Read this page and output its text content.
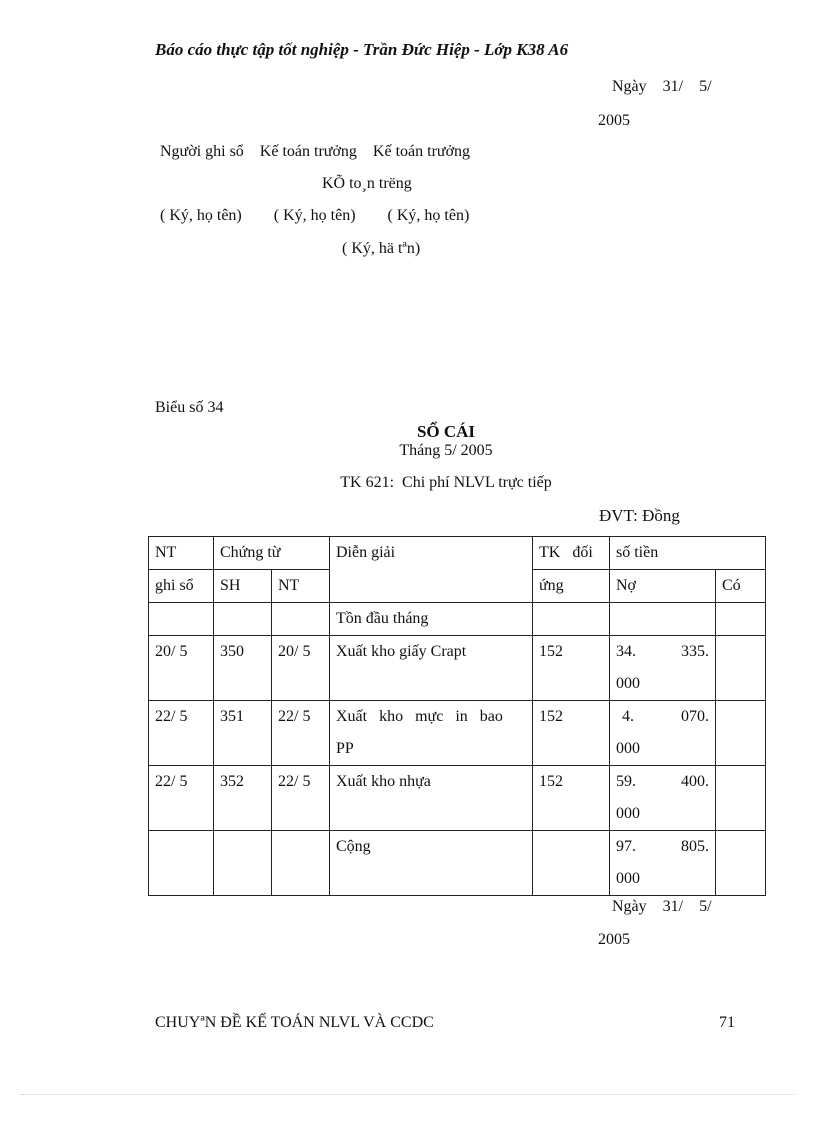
Báo cáo thực tập tốt nghiệp - Trần Đức Hiệp - Lớp K38 A6
Ngày    31/    5/
2005
Người ghi sổ    Kế toán trưởng    Kế toán trưởng
KÕ to¸n trëng
( Ký, họ tên)        ( Ký, họ tên)        ( Ký, họ tên)
( Ký, hä tªn)
Biểu số 34
SỔ CÁI
Tháng 5/ 2005
TK 621:  Chi phí NLVL trực tiếp
ĐVT: Đồng
NT	Chứng từ		Diễn giải	TK   đối	số tiền	
ghi sổ	SH	NT		ứng	Nợ	Có
			Tồn đầu tháng			
20/ 5	350	20/ 5	Xuất kho giấy Crapt	152	34. 335.
000	

22/ 5	351	22/ 5	Xuất  kho  mực  in  bao PP	152	4. 070.
000	

22/ 5	352	22/ 5	Xuất kho nhựa	152	59. 400.
000	

			Cộng		97. 805.
000	

Ngày    31/    5/
2005
CHUYªN ĐỀ KẾ TOÁN NLVL VÀ CCDC	71
